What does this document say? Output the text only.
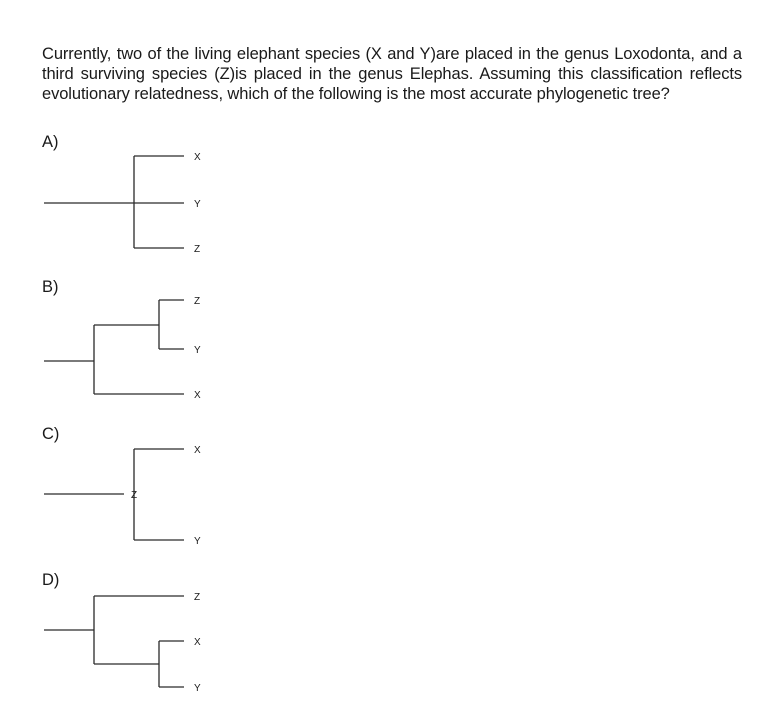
Currently, two of the living elephant species (X and Y)are placed in the genus Loxodonta, and a third surviving species (Z)is placed in the genus Elephas. Assuming this classification reflects evolutionary relatedness, which of the following is the most accurate phylogenetic tree?
A)
X
Y
Z
B)
Z
Y
X
C)
Z
X
Y
D)
Z
X
Y
